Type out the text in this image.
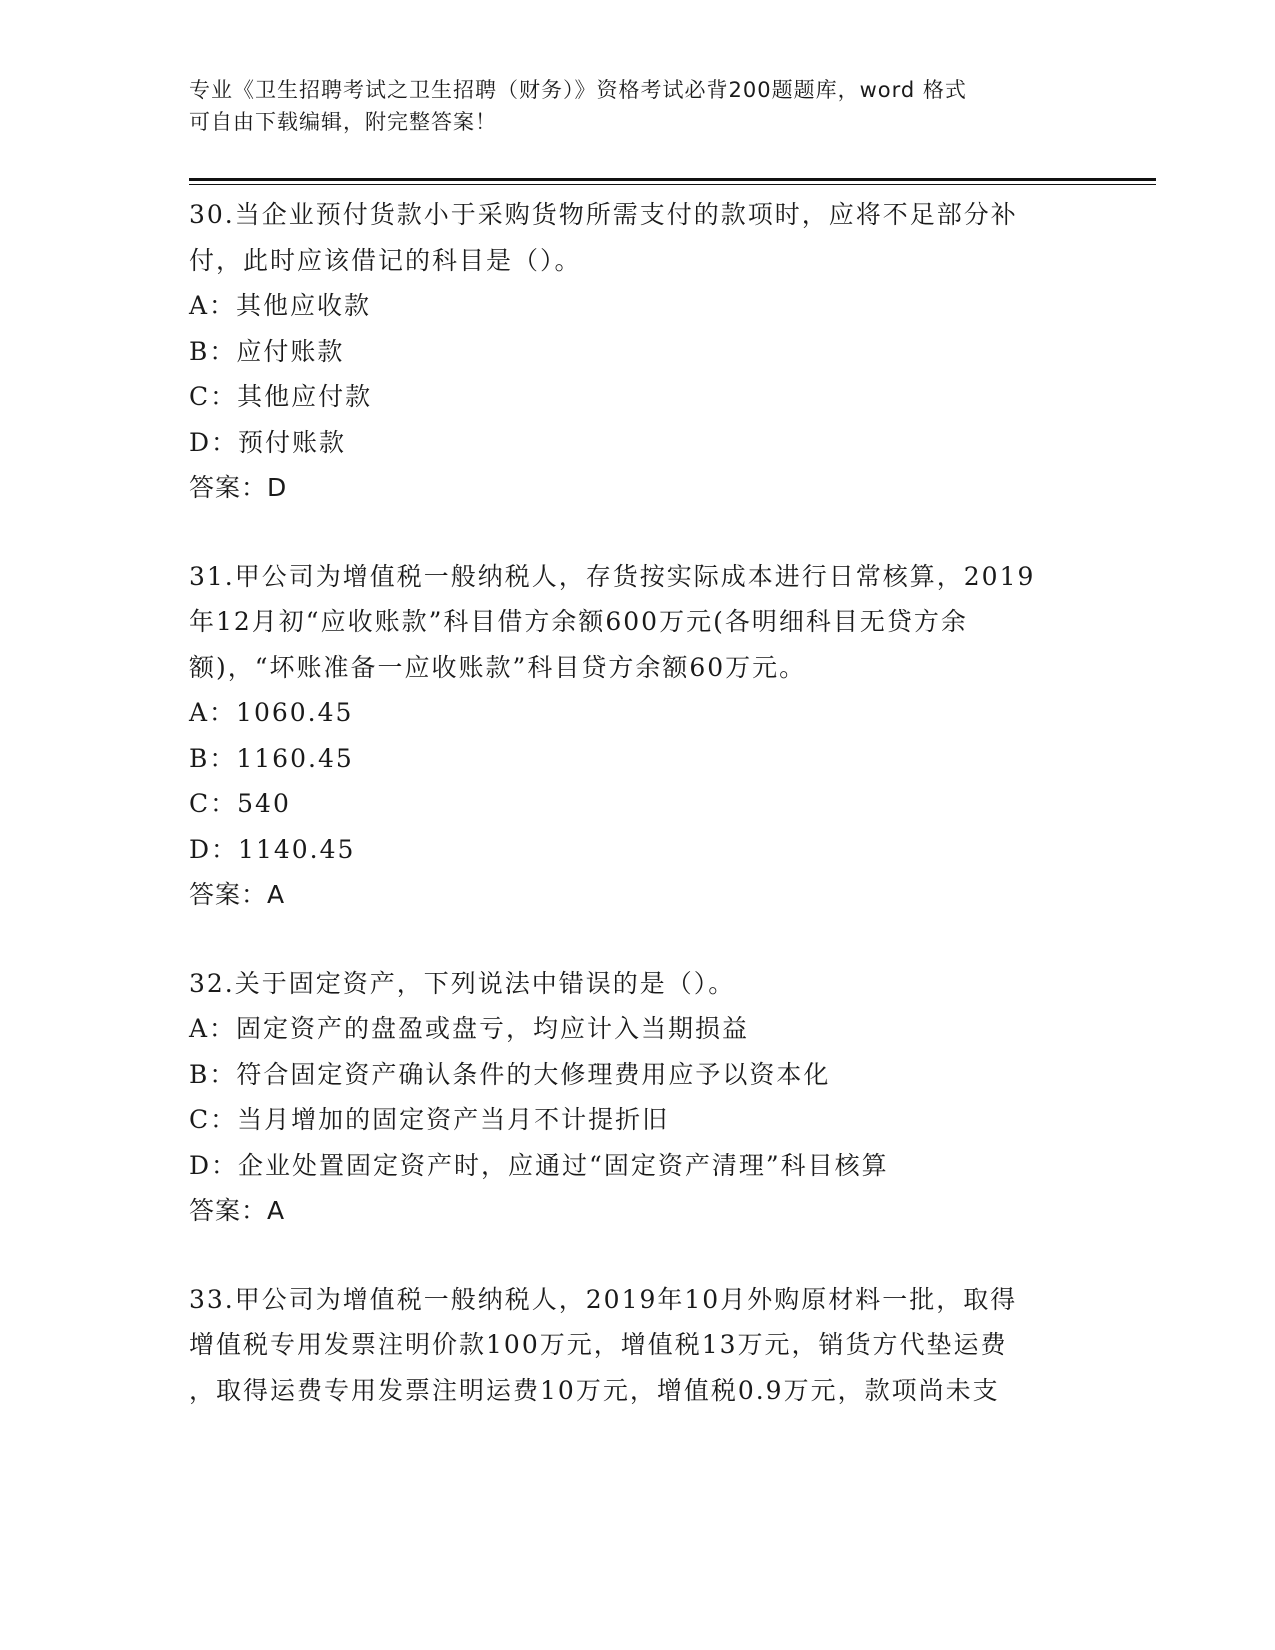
专业《卫生招聘考试之卫生招聘（财务）》资格考试必背200题题库，word 格式
可自由下载编辑，附完整答案！
30.当企业预付货款小于采购货物所需支付的款项时，应将不足部分补
付，此时应该借记的科目是（）。
A：其他应收款
B：应付账款
C：其他应付款
D：预付账款
答案：D
31.甲公司为增值税一般纳税人，存货按实际成本进行日常核算，2019
年12月初“应收账款”科目借方余额600万元(各明细科目无贷方余
额)，“坏账准备一应收账款”科目贷方余额60万元。
A：1060.45
B：1160.45
C：540
D：1140.45
答案：A
32.关于固定资产，下列说法中错误的是（）。
A：固定资产的盘盈或盘亏，均应计入当期损益
B：符合固定资产确认条件的大修理费用应予以资本化
C：当月增加的固定资产当月不计提折旧
D：企业处置固定资产时，应通过“固定资产清理”科目核算
答案：A
33.甲公司为增值税一般纳税人，2019年10月外购原材料一批，取得
增值税专用发票注明价款100万元，增值税13万元，销货方代垫运费
，取得运费专用发票注明运费10万元，增值税0.9万元，款项尚未支
